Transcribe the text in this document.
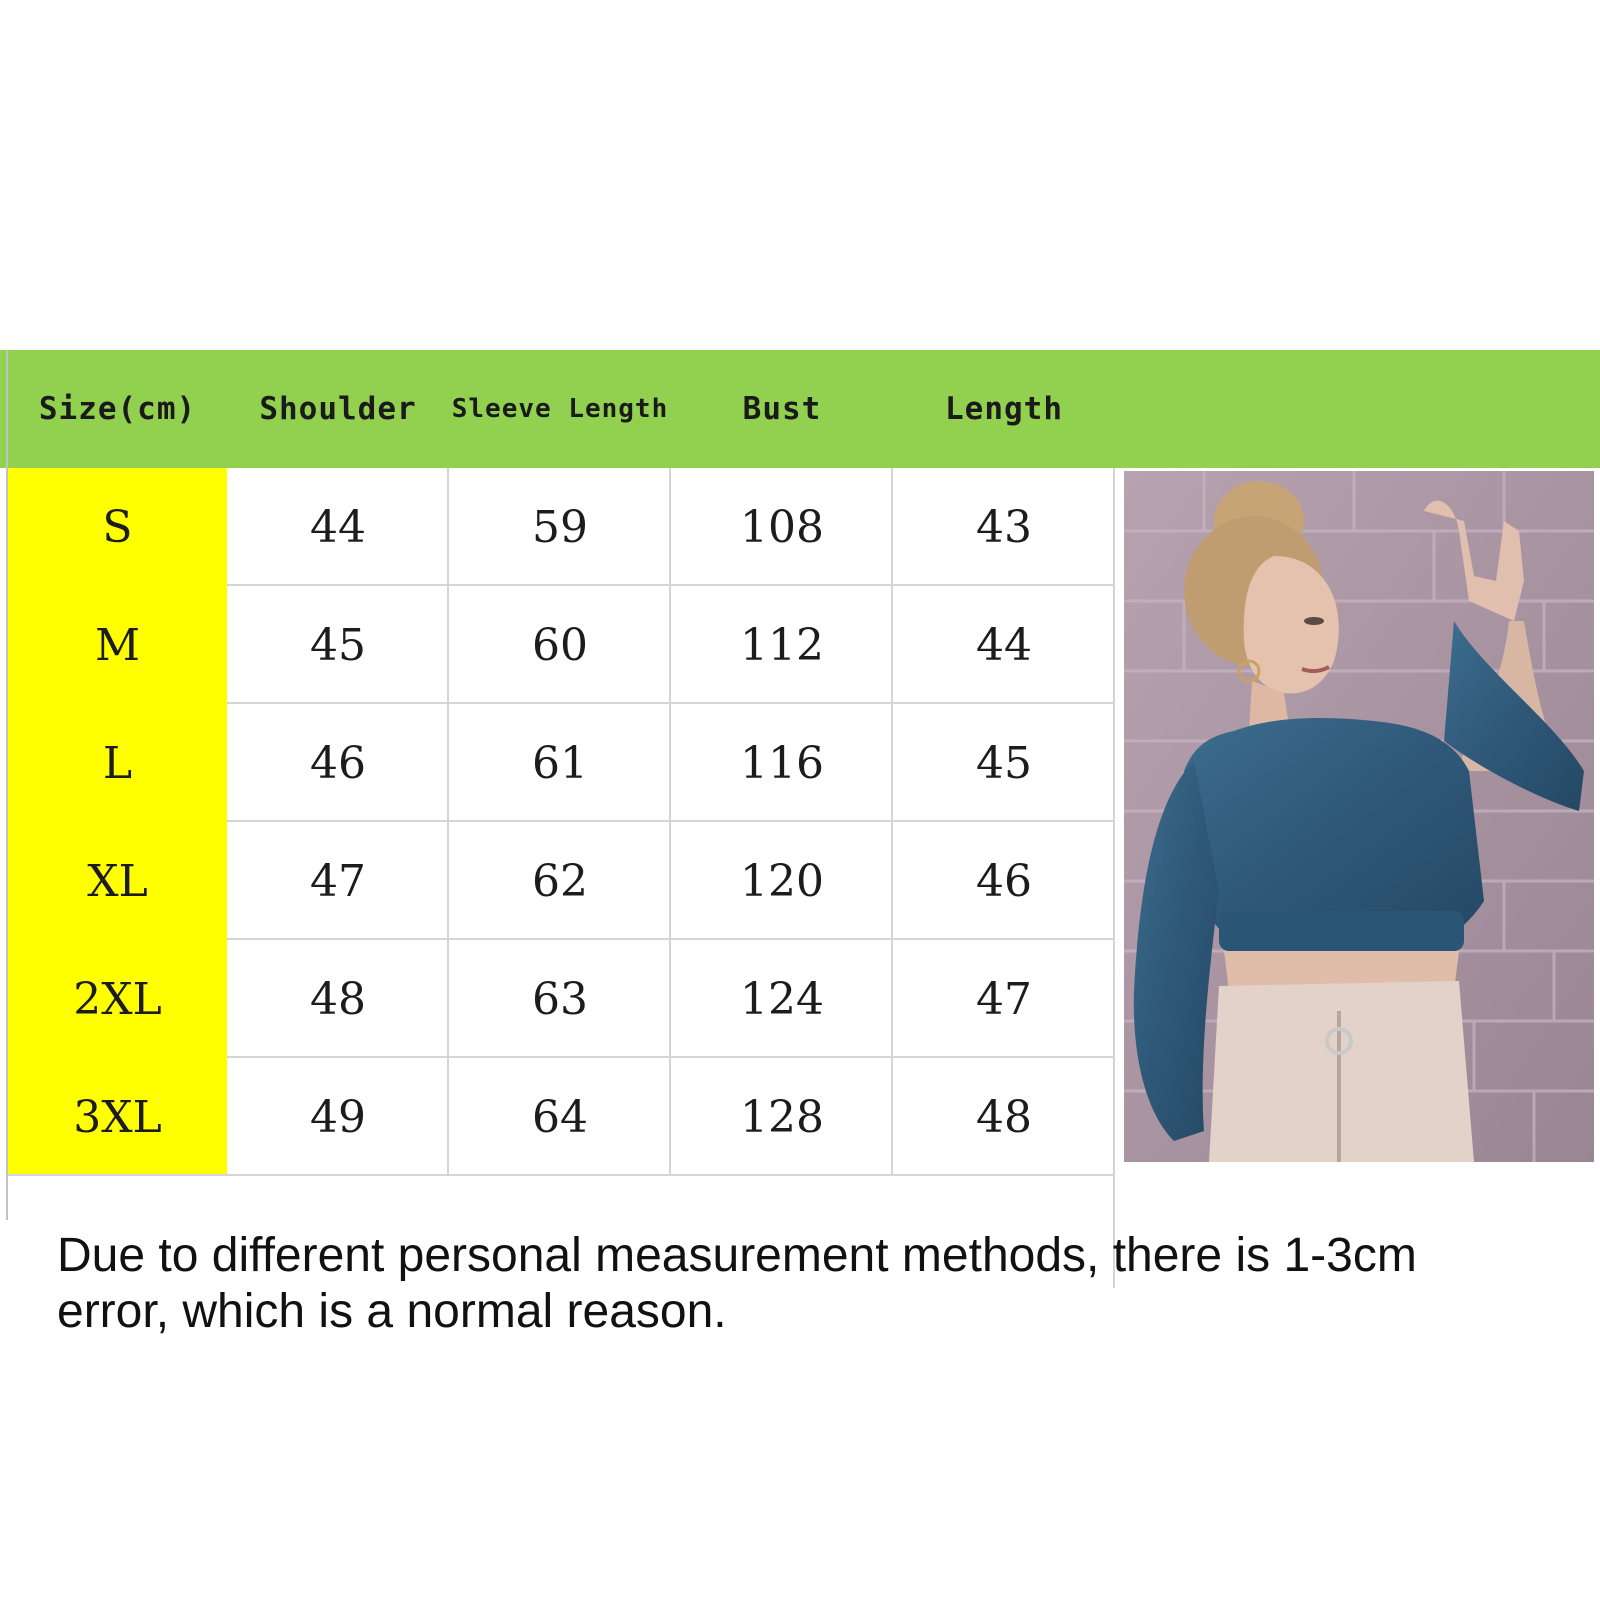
Size(cm)	Shoulder	Sleeve Length	Bust	Length
S	44	59	108	43
M	45	60	112	44
L	46	61	116	45
XL	47	62	120	46
2XL	48	63	124	47
3XL	49	64	128	48
Due to different personal measurement methods, there is 1-3cm
error, which is a normal reason.
